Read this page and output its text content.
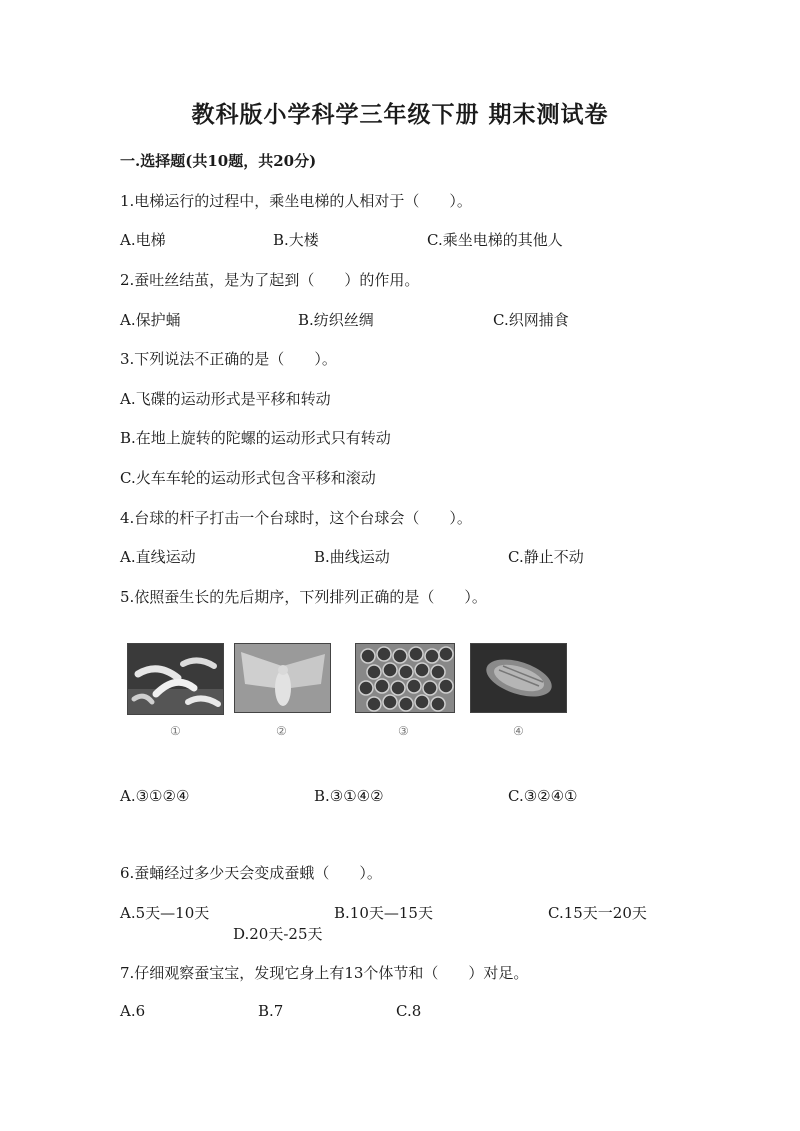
教科版小学科学三年级下册 期末测试卷
一.选择题(共10题，共20分)
1.电梯运行的过程中，乘坐电梯的人相对于（　　）。
A.电梯	B.大楼	C.乘坐电梯的其他人
2.蚕吐丝结茧，是为了起到（　　）的作用。
A.保护蛹	B.纺织丝绸	C.织网捕食
3.下列说法不正确的是（　　）。
A.飞碟的运动形式是平移和转动
B.在地上旋转的陀螺的运动形式只有转动
C.火车车轮的运动形式包含平移和滚动
4.台球的杆子打击一个台球时，这个台球会（　　）。
A.直线运动	B.曲线运动	C.静止不动
5.依照蚕生长的先后期序，下列排列正确的是（　　）。
①	②	③	④
A.③①②④	B.③①④②	C.③②④①
6.蚕蛹经过多少天会变成蚕蛾（　　）。
A.5天—10天	B.10天—15天	C.15天一20天
D.20天-25天
7.仔细观察蚕宝宝，发现它身上有13个体节和（　　）对足。
A.6	B.7	C.8
